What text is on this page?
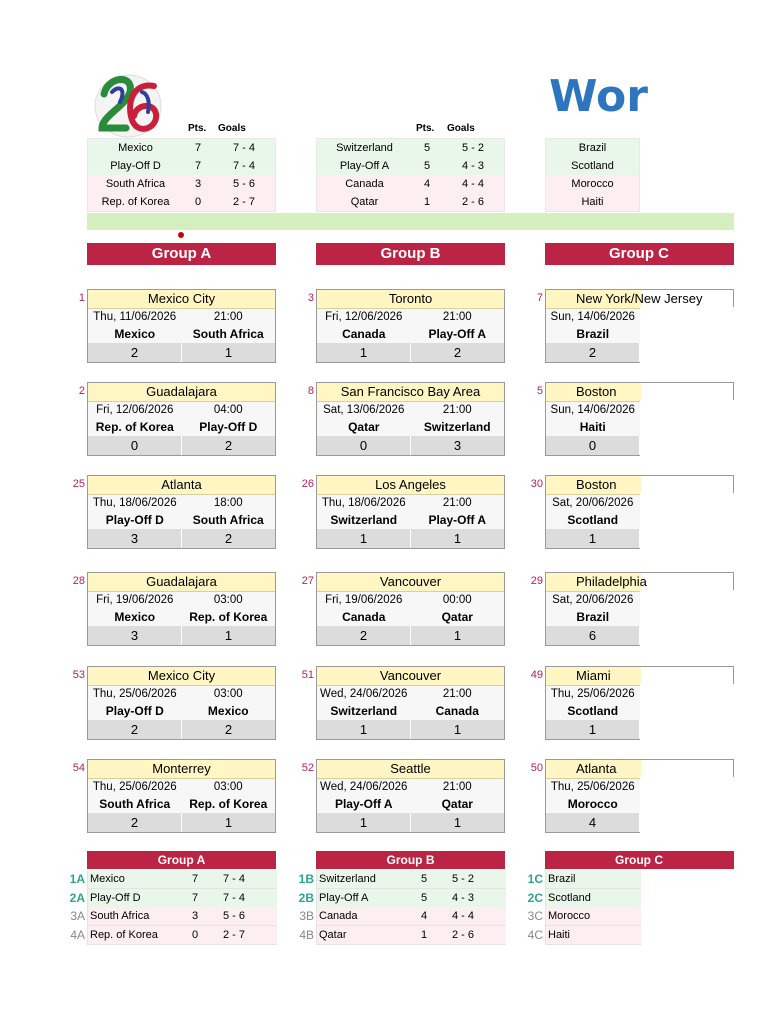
Wor
Pts. Goals	Pts. Goals
Mexico	7	7 - 4
Play-Off D	7	7 - 4
South Africa	3	5 - 6
Rep. of Korea	0	2 - 7
Switzerland	5	5 - 2
Play-Off A	5	4 - 3
Canada	4	4 - 4
Qatar	1	2 - 6
Brazil
Scotland
Morocco
Haiti
Group A	Group B	Group C
1	Mexico City
Thu, 11/06/2026	21:00
Mexico	South Africa
2	1
2	Guadalajara
Fri, 12/06/2026	04:00
Rep. of Korea	Play-Off D
0	2
25	Atlanta
Thu, 18/06/2026	18:00
Play-Off D	South Africa
3	2
28	Guadalajara
Fri, 19/06/2026	03:00
Mexico	Rep. of Korea
3	1
53	Mexico City
Thu, 25/06/2026	03:00
Play-Off D	Mexico
2	2
54	Monterrey
Thu, 25/06/2026	03:00
South Africa	Rep. of Korea
2	1
3	Toronto
Fri, 12/06/2026	21:00
Canada	Play-Off A
1	2
8	San Francisco Bay Area
Sat, 13/06/2026	21:00
Qatar	Switzerland
0	3
26	Los Angeles
Thu, 18/06/2026	21:00
Switzerland	Play-Off A
1	1
27	Vancouver
Fri, 19/06/2026	00:00
Canada	Qatar
2	1
51	Vancouver
Wed, 24/06/2026	21:00
Switzerland	Canada
1	1
52	Seattle
Wed, 24/06/2026	21:00
Play-Off A	Qatar
1	1
7	New York/New Jersey
Sun, 14/06/2026
Brazil
2
5	Boston
Sun, 14/06/2026
Haiti
0
30	Boston
Sat, 20/06/2026
Scotland
1
29	Philadelphia
Sat, 20/06/2026
Brazil
6
49	Miami
Thu, 25/06/2026
Scotland
1
50	Atlanta
Thu, 25/06/2026
Morocco
4
Group A	Group B	Group C
1A Mexico	7 7 - 4
2A Play-Off D	7 7 - 4
3A South Africa	3 5 - 6
4A Rep. of Korea	0 2 - 7
1B Switzerland	5 5 - 2
2B Play-Off A	5 4 - 3
3B Canada	4 4 - 4
4B Qatar	1 2 - 6
1C Brazil
2C Scotland
3C Morocco
4C Haiti
